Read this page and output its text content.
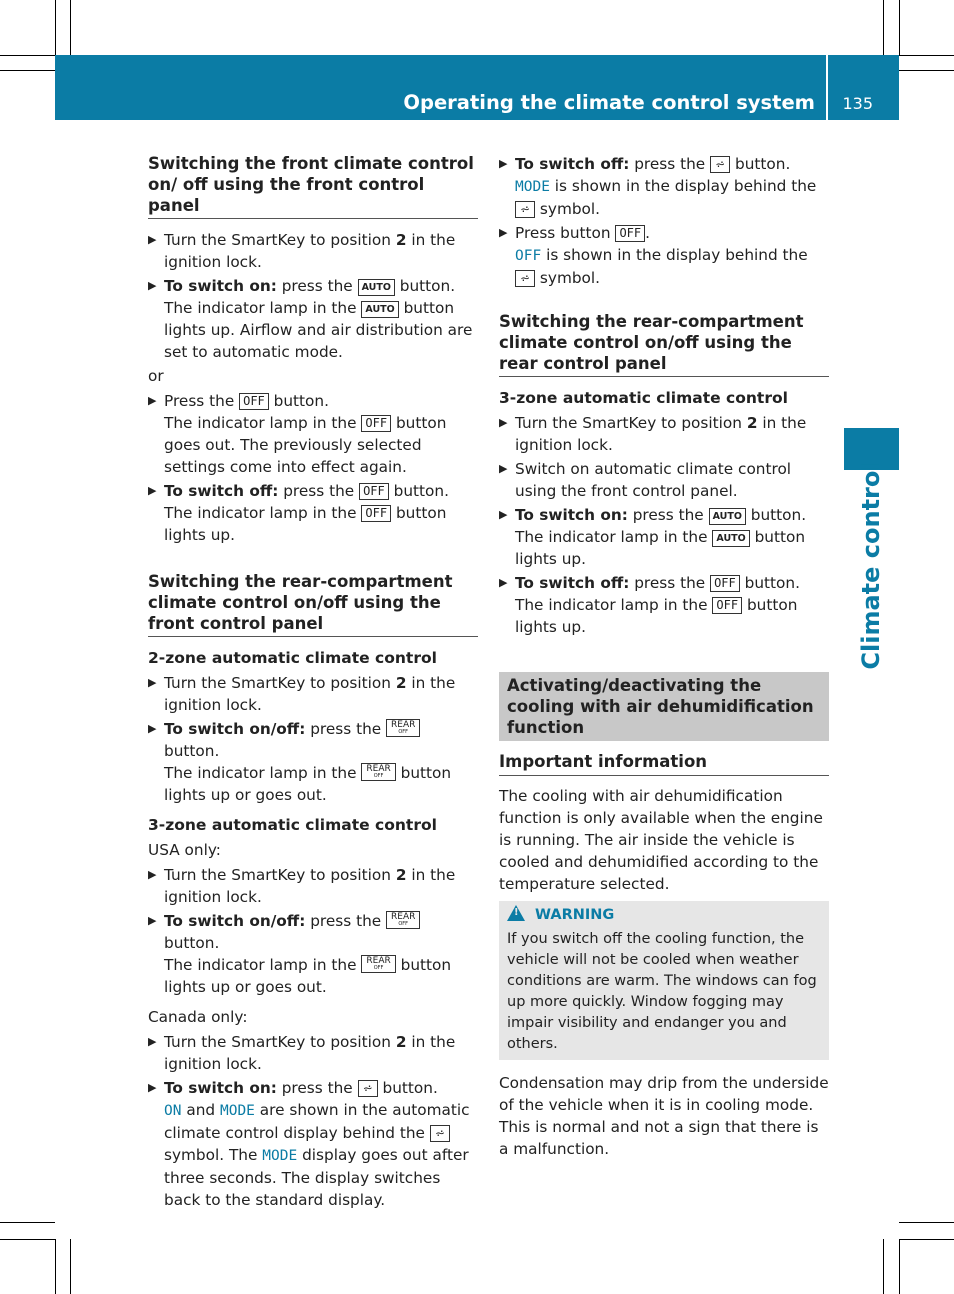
Operating the climate control system 135
Climate control
Switching the front climate control on/ off using the front control panel
▶ Turn the SmartKey to position 2 in the ignition lock.
▶ To switch on: press the AUTO button.
The indicator lamp in the AUTO button lights up. Airflow and air distribution are set to automatic mode.
or
▶ Press the OFF button.
The indicator lamp in the OFF button goes out. The previously selected settings come into effect again.
▶ To switch off: press the OFF button.
The indicator lamp in the OFF button lights up.
Switching the rear-compartment climate control on/off using the front control panel
2-zone automatic climate control
▶ Turn the SmartKey to position 2 in the ignition lock.
▶ To switch on/off: press the REAR
OFF
button.
The indicator lamp in the REAR
OFF button lights up or goes out.
3-zone automatic climate control
USA only:
▶ Turn the SmartKey to position 2 in the ignition lock.
▶ To switch on/off: press the REAR
OFF
button.
The indicator lamp in the REAR
OFF button lights up or goes out.
Canada only:
▶ Turn the SmartKey to position 2 in the ignition lock.
▶ To switch on: press the ⩫ button.
ON and MODE are shown in the automatic climate control display behind the ⩫ symbol. The MODE display goes out after three seconds. The display switches back to the standard display.
▶ To switch off: press the ⩫ button.
MODE is shown in the display behind the ⩫ symbol.
▶ Press button OFF .
OFF is shown in the display behind the ⩫ symbol.
Switching the rear-compartment climate control on/off using the rear control panel
3-zone automatic climate control
▶ Turn the SmartKey to position 2 in the ignition lock.
▶ Switch on automatic climate control using the front control panel.
▶ To switch on: press the AUTO button.
The indicator lamp in the AUTO button lights up.
▶ To switch off: press the OFF button.
The indicator lamp in the OFF button lights up.
Activating/deactivating the cooling with air dehumidification function
Important information
The cooling with air dehumidification function is only available when the engine is running. The air inside the vehicle is cooled and dehumidified according to the temperature selected.
!WARNING
If you switch off the cooling function, the vehicle will not be cooled when weather conditions are warm. The windows can fog up more quickly. Window fogging may impair visibility and endanger you and others.
Condensation may drip from the underside of the vehicle when it is in cooling mode. This is normal and not a sign that there is a malfunction.
